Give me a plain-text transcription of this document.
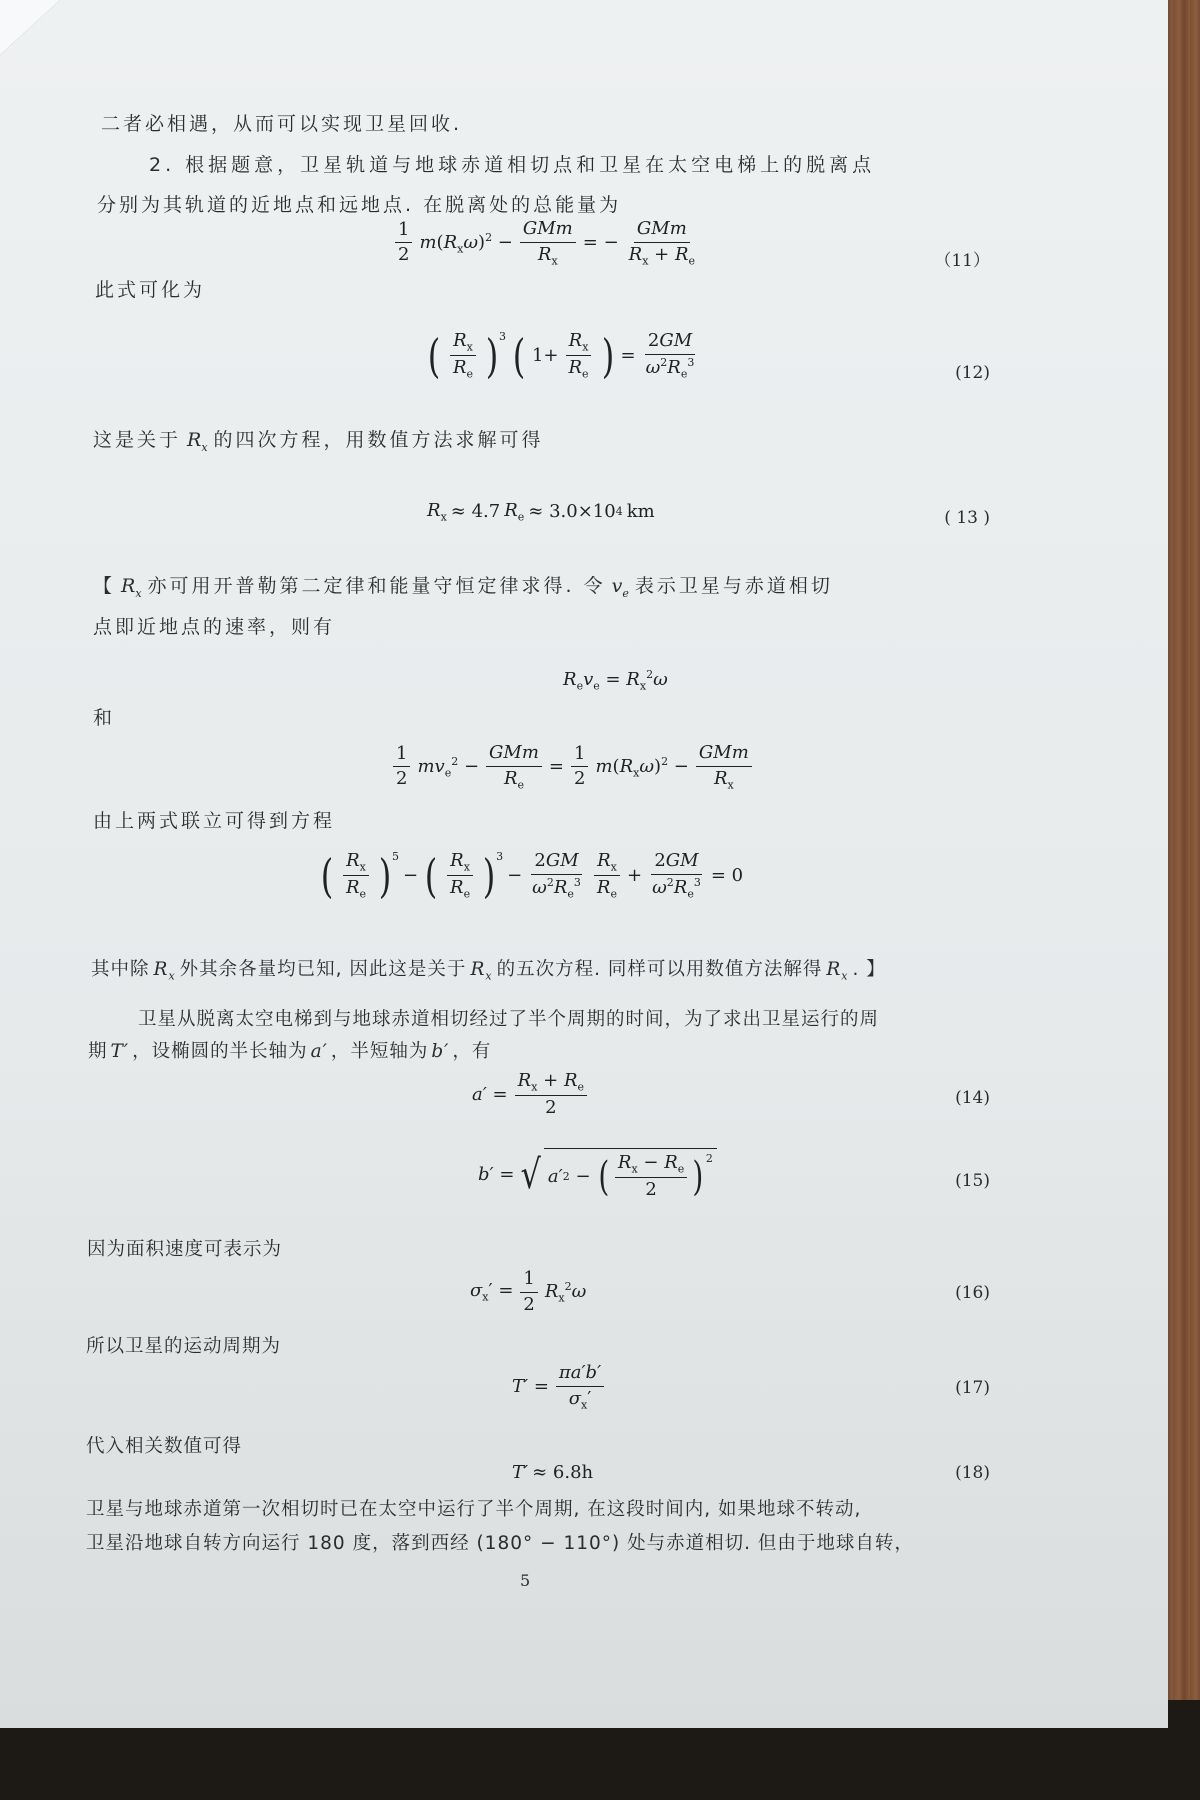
二者必相遇，从而可以实现卫星回收.
2. 根据题意，卫星轨道与地球赤道相切点和卫星在太空电梯上的脱离点
分别为其轨道的近地点和远地点. 在脱离处的总能量为
$\frac{1}{2} m(R_x\omega)^2 - \frac{\text{GMm}}{R_x}$ = − $\frac{\text{GMm}}{R_x + R_e}$	（11）
此式可化为
( $\frac{R_x}{R_e} )^3$ ( $1+ \frac{R_x}{R_e}$ ) = $\frac{2GM}{\omega^2R_e^3}$	(12)
这是关于 $R_x$ 的四次方程，用数值方法求解可得
$R_x \approx 4.7$ $R_e \approx 3.0\times 10$ 4 km	( 13 )
【 $R_x$ 亦可用开普勒第二定律和能量守恒定律求得. 令 $v_e$ 表示卫星与赤道相切
点即近地点的速率，则有
$R_ev_e = R_x^2\omega$
和
$\frac{1}{2} mv_e^2 - \frac{\text{GMm}}{R_e} = \frac{1}{2} m(R_x\omega)^2 - \frac{\text{GMm}}{R_x}$
由上两式联立可得到方程
( $\frac{R_x}{R_e} )^5$
− ( $\frac{R_x}{R_e} )^3$
− $\frac{2GM}{\omega^2R_e^3} \frac{R_x}{R_e} + \frac{2GM}{\omega^2R_e^3} = 0$
其中除 $R_x$ 外其余各量均已知, 因此这是关于 $R_x$ 的五次方程. 同样可以用数值方法解得 $R_x$ . 】
卫星从脱离太空电梯到与地球赤道相切经过了半个周期的时间，为了求出卫星运行的周
期 T′ ，设椭圆的半长轴为 a′ ，半短轴为 b′ ，有
$a' = \frac{R_x + R_e}{2}$	(14)
b′ = √ a′ 2 − ( $\frac{R_x - R_e}{2} )^2$
(15)
因为面积速度可表示为
$\sigma_x' = \frac{1}{2} R_x^2\omega$	(16)
所以卫星的运动周期为
$T' = \frac{\pi a'b'}{\sigma_x'}$	(17)
代入相关数值可得
T′ ≈ 6.8h	(18)
卫星与地球赤道第一次相切时已在太空中运行了半个周期, 在这段时间内, 如果地球不转动,
卫星沿地球自转方向运行 180 度，落到西经 (180° − 110°) 处与赤道相切. 但由于地球自转，
5
